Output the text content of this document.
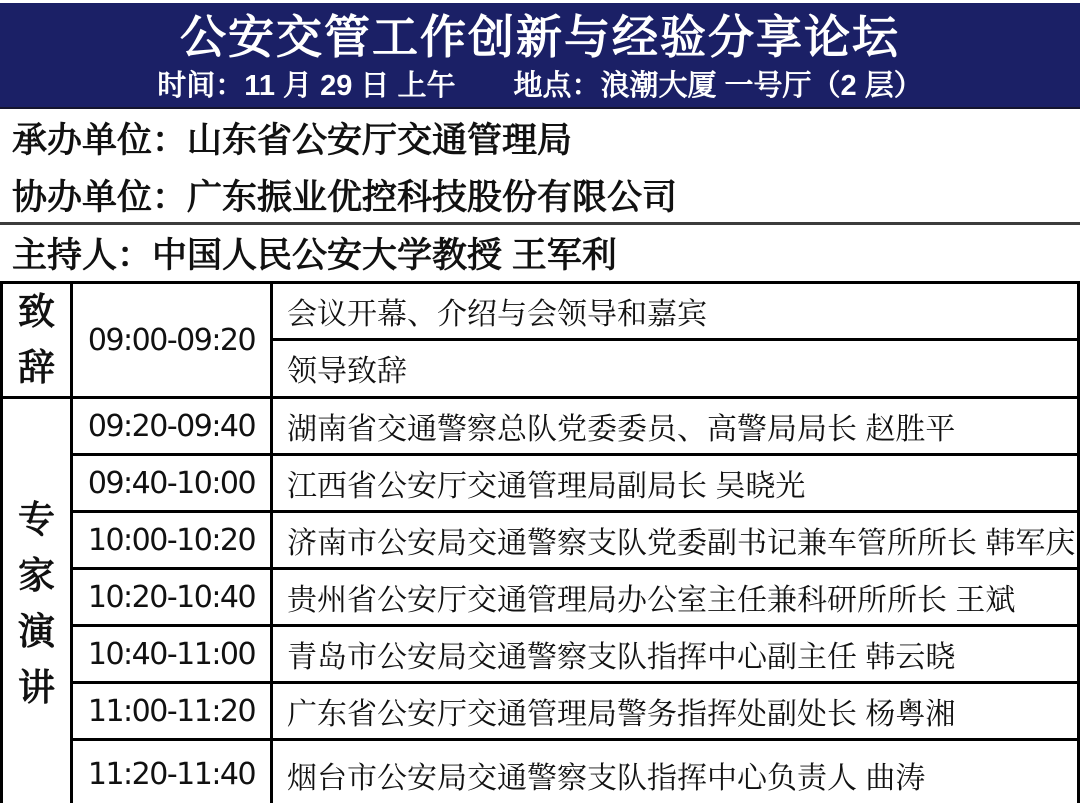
公安交管工作创新与经验分享论坛
时间：11 月 29 日 上午 地点：浪潮大厦 一号厅（2 层）
承办单位：山东省公安厅交通管理局
协办单位：广东振业优控科技股份有限公司
主持人：中国人民公安大学教授 王军利
致辞	09:00-09:20	会议开幕、介绍与会领导和嘉宾
		领导致辞
专家演讲	09:20-09:40	湖南省交通警察总队党委委员、高警局局长 赵胜平
	09:40-10:00	江西省公安厅交通管理局副局长 吴晓光
	10:00-10:20	济南市公安局交通警察支队党委副书记兼车管所所长 韩军庆
	10:20-10:40	贵州省公安厅交通管理局办公室主任兼科研所所长 王斌
	10:40-11:00	青岛市公安局交通警察支队指挥中心副主任 韩云晓
	11:00-11:20	广东省公安厅交通管理局警务指挥处副处长 杨粤湘
	11:20-11:40	烟台市公安局交通警察支队指挥中心负责人 曲涛
